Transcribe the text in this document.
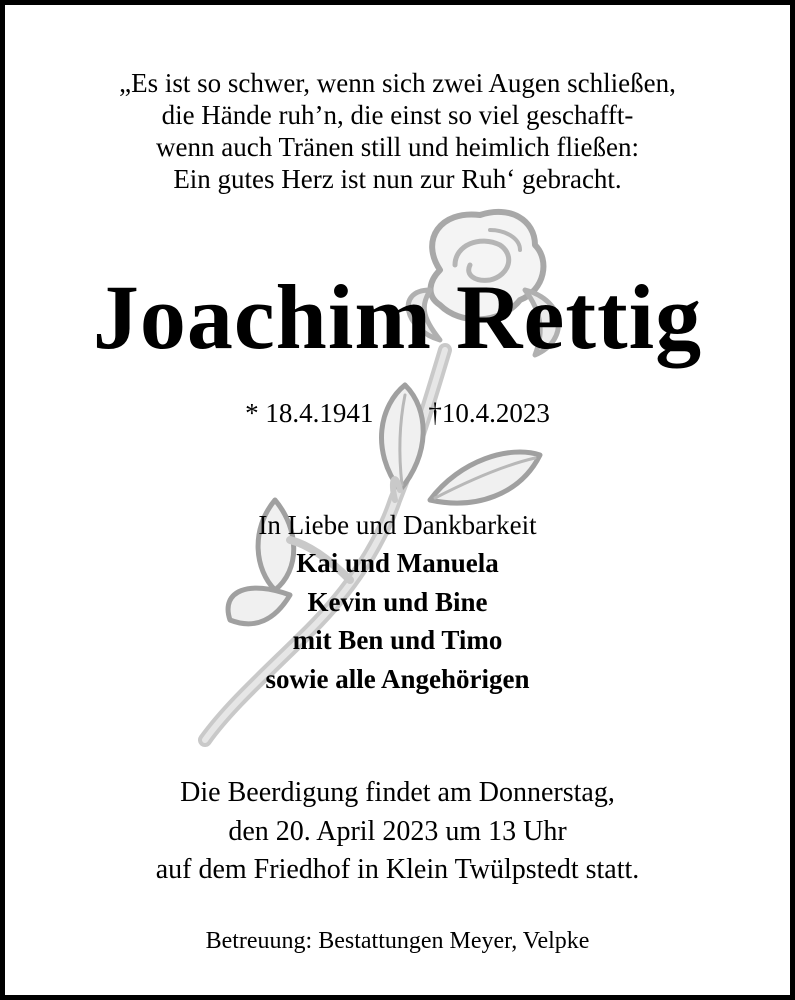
„Es ist so schwer, wenn sich zwei Augen schließen,
die Hände ruh’n, die einst so viel geschafft-
wenn auch Tränen still und heimlich fließen:
Ein gutes Herz ist nun zur Ruh‘ gebracht.
Joachim Rettig
* 18.4.1941 †10.4.2023
In Liebe und Dankbarkeit
Kai und Manuela
Kevin und Bine
mit Ben und Timo
sowie alle Angehörigen
Die Beerdigung findet am Donnerstag,
den 20. April 2023 um 13 Uhr
auf dem Friedhof in Klein Twülpstedt statt.
Betreuung: Bestattungen Meyer, Velpke
